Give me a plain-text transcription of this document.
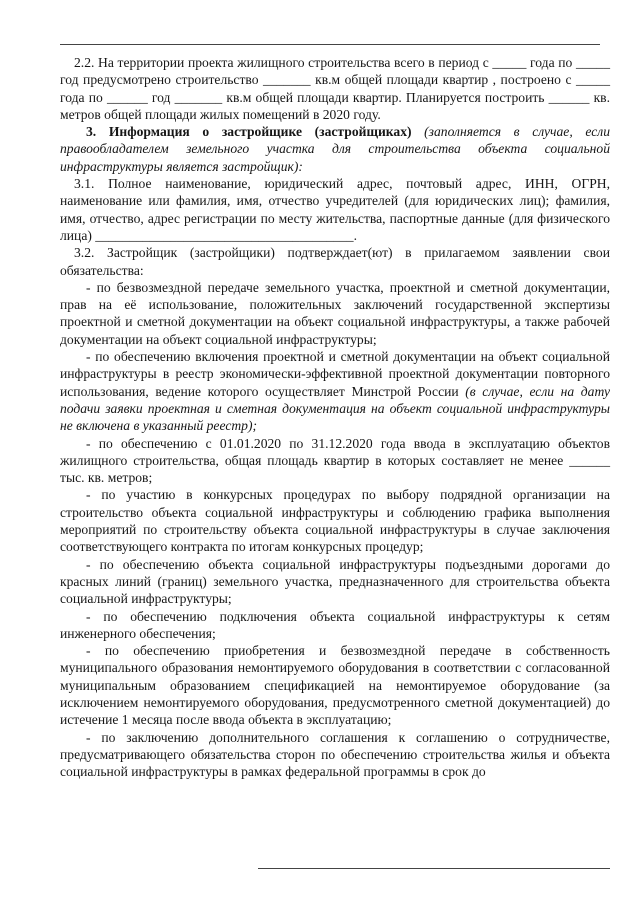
2.2. На территории проекта жилищного строительства всего в период с _____ года по _____ год предусмотрено строительство _______ кв.м общей площади квартир , построено с _____ года по ______ год _______ кв.м общей площади квартир. Планируется построить ______ кв. метров общей площади жилых помещений в 2020 году.

3. Информация о застройщике (застройщиках) (заполняется в случае, если правообладателем земельного участка для строительства объекта социальной инфраструктуры является застройщик):

3.1. Полное наименование, юридический адрес, почтовый адрес, ИНН, ОГРН, наименование или фамилия, имя, отчество учредителей (для юридических лиц); фамилия, имя, отчество, адрес регистрации по месту жительства, паспортные данные (для физического лица) ______________________________________.

3.2. Застройщик (застройщики) подтверждает(ют) в прилагаемом заявлении свои обязательства:

- по безвозмездной передаче земельного участка, проектной и сметной документации, прав на её использование, положительных заключений государственной экспертизы проектной и сметной документации на объект социальной инфраструктуры, а также рабочей документации на объект социальной инфраструктуры;

- по обеспечению включения проектной и сметной документации на объект социальной инфраструктуры в реестр экономически-эффективной проектной документации повторного использования, ведение которого осуществляет Минстрой России (в случае, если на дату подачи заявки проектная и сметная документация на объект социальной инфраструктуры не включена в указанный реестр);

- по обеспечению с 01.01.2020 по 31.12.2020 года ввода в эксплуатацию объектов жилищного строительства, общая площадь квартир в которых составляет не менее ______ тыс. кв. метров;

- по участию в конкурсных процедурах по выбору подрядной организации на строительство объекта социальной инфраструктуры и соблюдению графика выполнения мероприятий по строительству объекта социальной инфраструктуры в случае заключения соответствующего контракта по итогам конкурсных процедур;

- по обеспечению объекта социальной инфраструктуры подъездными дорогами до красных линий (границ) земельного участка, предназначенного для строительства объекта социальной инфраструктуры;

- по обеспечению подключения объекта социальной инфраструктуры к сетям инженерного обеспечения;

- по обеспечению приобретения и безвозмездной передаче в собственность муниципального образования немонтируемого оборудования в соответствии с согласованной муниципальным образованием спецификацией на немонтируемое оборудование (за исключением немонтируемого оборудования, предусмотренного сметной документацией) до истечение 1 месяца после ввода объекта в эксплуатацию;

- по заключению дополнительного соглашения к соглашению о сотрудничестве, предусматривающего обязательства сторон по обеспечению строительства жилья и объекта социальной инфраструктуры в рамках федеральной программы в срок до
